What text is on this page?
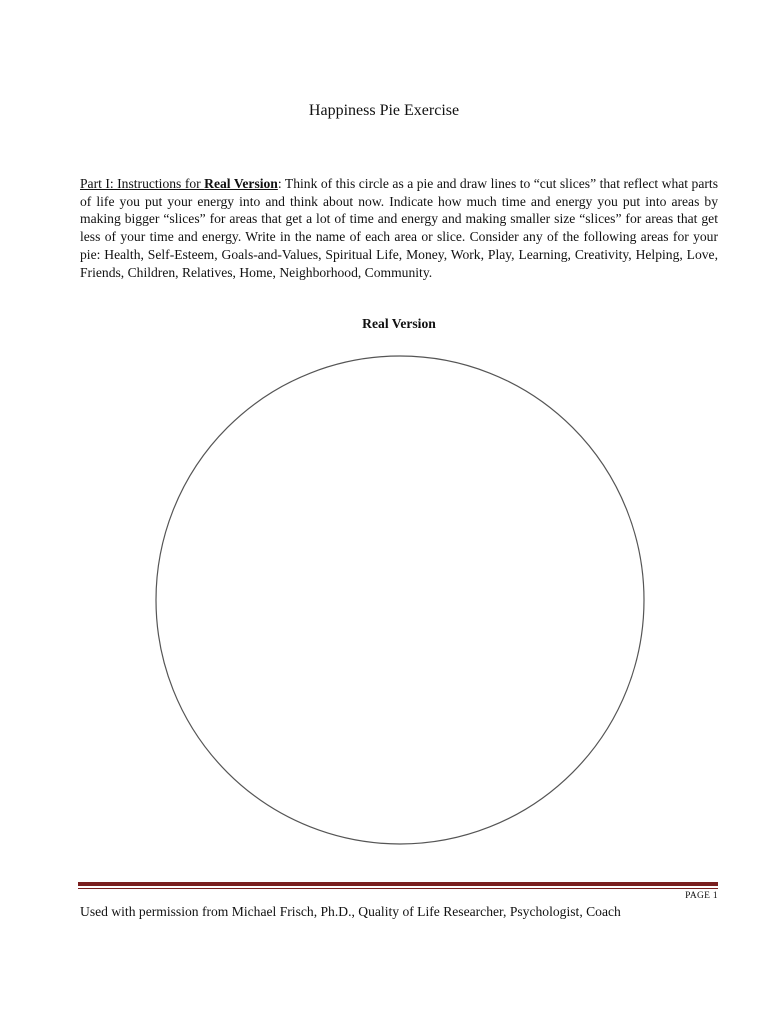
Happiness Pie Exercise

Part I: Instructions for Real Version: Think of this circle as a pie and draw lines to “cut slices” that reflect what parts of life you put your energy into and think about now. Indicate how much time and energy you put into areas by making bigger “slices” for areas that get a lot of time and energy and making smaller size “slices” for areas that get less of your time and energy. Write in the name of each area or slice. Consider any of the following areas for your pie: Health, Self-Esteem, Goals-and-Values, Spiritual Life, Money, Work, Play, Learning, Creativity, Helping, Love, Friends, Children, Relatives, Home, Neighborhood, Community.

Real Version
PAGE 1
Used with permission from Michael Frisch, Ph.D., Quality of Life Researcher, Psychologist, Coach
